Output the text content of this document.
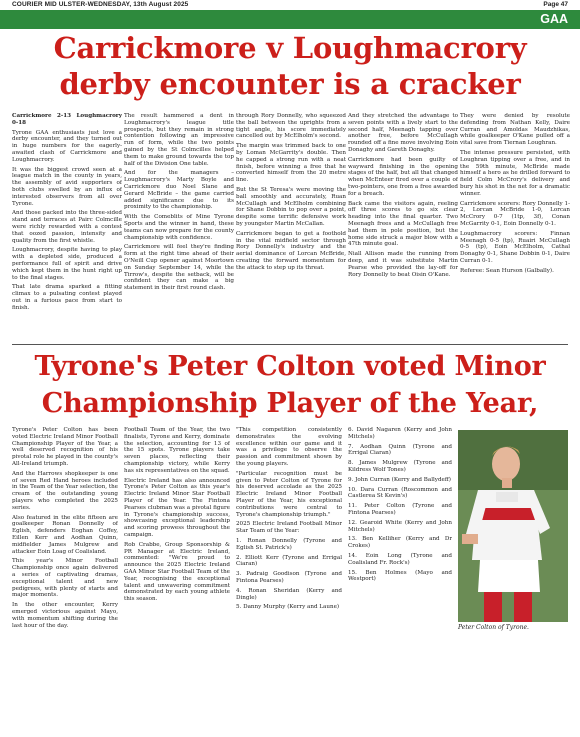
COURIER MID ULSTER-WEDNESDAY, 13th August 2025	Page 47
GAA
Carrickmore v Loughmacrory derby encounter is a cracker

Carrickmore 2-13 Loughmacrory 0-18

Tyrone GAA enthusiasts just love a derby encounter, and they turned out in huge numbers for the eagerly-awaited clash of Carrickmore and Loughmacrory.

It was the biggest crowd seen at a league match in the county in years, the assembly of avid supporters of both clubs swelled by an influx of interested observers from all over Tyrone.

And those packed into the three-sided stand and terraces at Pairc Colmcille were richly rewarded with a contest that oozed passion, intensity and quality from the first whistle.

Loughmacrory, despite having to play with a depleted side, produced a performance full of spirit and drive which kept them in the hunt right up to the final stages.

That late drama sparked a fitting climax to a pulsating contest played out in a furious pace from start to finish.

The result hammered a dent in Loughmacrory's league title prospects, but they remain in strong contention following an impressive run of form, while the two points gained by the St Colmcilles helped them to make ground towards the top half of the Division One table.

And for the managers – Loughmacrory's Marty Boyle and Carrickmore duo Noel Slane and Gerard McBride – the game carried added significance due to its proximity to the championship.

With the Comeblits of Mine Tyrone Sports and the winner in hand, these teams can now prepare for the county championship with confidence.

Carrickmore will feel they're finding form at the right time ahead of their O'Neill Cup opener against Moortown on Sunday September 14, while the Tirrow's, despite the setback, will be confident they can make a big statement in their first round clash.

through Rory Donnelly, who squeezed the ball between the uprights from a tight angle, his score immediately cancelled out by McElholm's second.

The margin was trimmed back to one by Loman McGarrity's double. Then he capped a strong run with a neat finish, before winning a free that he converted himself from the 20 metre line.

But the St Teresa's were moving the ball smoothly and accurately, Ruan McCullagh and McElholm combining for Shane Dobbin to pop over a point, despite some terrific defensive work by youngster Martin McCallan.

Carrickmore began to get a foothold in the vital midfield sector through Rory Donnelly's industry and the aerial dominance of Lorcan McBride, creating the forward momentum for the attack to step up its threat.

And they stretched the advantage to seven points with a lively start to the second half, Meenagh tapping over another free, before McCullagh rounded off a fine move involving Eoin Donaghy and Gareth Donaghy.

Carrickmore had been guilty of wayward finishing in the opening stages of the half, but all that changed when McEnteer fired over a couple of two-pointers, one from a free awarded for a breach.

Back came the visitors again, reeling off three scores to go six clear heading into the final quarter. Two Meenagh frees and a McCullagh free had them in pole position, but the home side struck a major blow with a 47th minute goal.

Niall Allison made the running from deep, and it was substitute Martin Pearse who provided the lay-off for Rory Donnelly to beat Oisin O'Kane.

They were denied by resolute defending from Nathan Kelly, Daire Curran and Amoldas Maudzhikas, while goalkeeper O'Kane pulled off a vital save from Tiernan Loughran.

The intense pressure persisted, with Loughran tipping over a free, and in the 59th minute, McBride made himself a hero as he drilled forward to field Colm McCrory's delivery and bury his shot in the net for a dramatic winner.

Carrickmore scorers: Rory Donnelly 1-2, Lorcan McBride 1-0, Lorcan McCrory 0-7 (1tp, 3f), Conan McGarrity 0-1, Eoin Donnelly 0-1.

Loughmacrory scorers: Finnan Meenagh 0-5 (tp), Ruairi McCullagh 0-5 (tp), Eoin McElholm, Cathal Donaghy 0-1, Shane Dobbin 0-1, Daire Curran 0-1.

Referee: Sean Hurson (Galbally).

Tyrone's Peter Colton voted Minor Championship Player of the Year,

Tyrone's Peter Colton has been voted Electric Ireland Minor Football Championship Player of the Year, a well deserved recognition of his pivotal role he played in the county's All-Ireland triumph.

And the Harrows shopkeeper is one of seven Red Hand heroes included in the Team of the Year selection, the cream of the outstanding young players who completed the 2025 series.

Also featured in the elite fifteen are goalkeeper Ronan Donnelly of Eglish, defenders Eoghan Coffey, Eillen Kerr and Aodhan Quinn, midfielder James Mulgrew and attacker Eoin Loag of Coalisland.

This year's Minor Football Championship once again delivered a series of captivating dramas, exceptional talent and new pedigrees, with plenty of starts and major moments.

In the other encounter, Kerry emerged victorious against Mayo, with momentum shifting during the last hour of the day.

Football Team of the Year, the two finalists, Tyrone and Kerry, dominate the selection, accounting for 13 of the 15 spots. Tyrone players take seven places, reflecting their championship victory, while Kerry has six representatives on the squad.

Electric Ireland has also announced Tyrone's Peter Colton as this year's Electric Ireland Minor Star Football Player of the Year. The Fintona Pearses clubman was a pivotal figure in Tyrone's championship success, showcasing exceptional leadership and scoring prowess throughout the campaign.

Rob Crabbe, Group Sponsorship & PR Manager at Electric Ireland, commented: "We're proud to announce the 2025 Electric Ireland GAA Minor Star Football Team of the Year, recognising the exceptional talent and unwavering commitment demonstrated by each young athlete this season.

"This competition consistently demonstrates the evolving excellence within our game and it was a privilege to observe the passion and commitment shown by the young players.

"Particular recognition must be given to Peter Colton of Tyrone for his deserved accolade as the 2025 Electric Ireland Minor Football Player of the Year, his exceptional contributions were central to Tyrone's championship triumph."

2025 Electric Ireland Football Minor Star Team of the Year:

1. Ronan Donnelly (Tyrone and Eglish St. Patrick's)

2. Elliott Kerr (Tyrone and Errigal Ciaran)

3. Padraig Goodison (Tyrone and Fintona Pearses)

4. Ronan Sheridan (Kerry and Dingle)

5. Danny Murphy (Kerry and Laune)

6. David Nagaren (Kerry and John Mitchels)

7. Aodhan Quinn (Tyrone and Errigal Ciaran)

8. James Mulgrew (Tyrone and Kildress Wolf Tones)

9. John Curran (Kerry and Ballydeff)

10. Dara Curran (Roscommon and Castlerea St Kevin's)

11. Peter Colton (Tyrone and Fintona Pearses)

12. Gearoid White (Kerry and John Mitchels)

13. Ben Kelliher (Kerry and Dr Crokes)

14. Eoin Long (Tyrone and Coalisland Fr. Rock's)

15. Ben Holmes (Mayo and Westport)

Peter Colton of Tyrone.
